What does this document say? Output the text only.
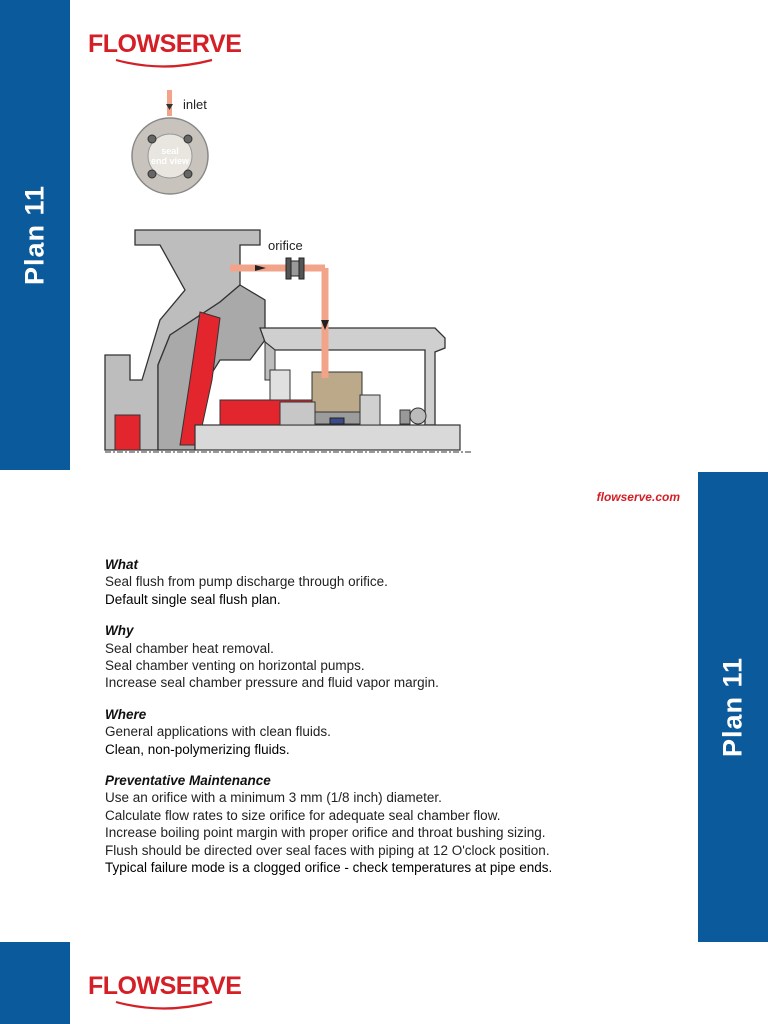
Plan 11
Plan 11
FLOWSERVE
FLOWSERVE
inlet
seal
end view
orifice
flowserve.com
What
Seal flush from pump discharge through orifice.
Default single seal flush plan.
Why
Seal chamber heat removal.
Seal chamber venting on horizontal pumps.
Increase seal chamber pressure and fluid vapor margin.
Where
General applications with clean fluids.
Clean, non-polymerizing fluids.
Preventative Maintenance
Use an orifice with a minimum 3 mm (1/8 inch) diameter.
Calculate flow rates to size orifice for adequate seal chamber flow.
Increase boiling point margin with proper orifice and throat bushing sizing.
Flush should be directed over seal faces with piping at 12 O'clock position.
Typical failure mode is a clogged orifice - check temperatures at pipe ends.
